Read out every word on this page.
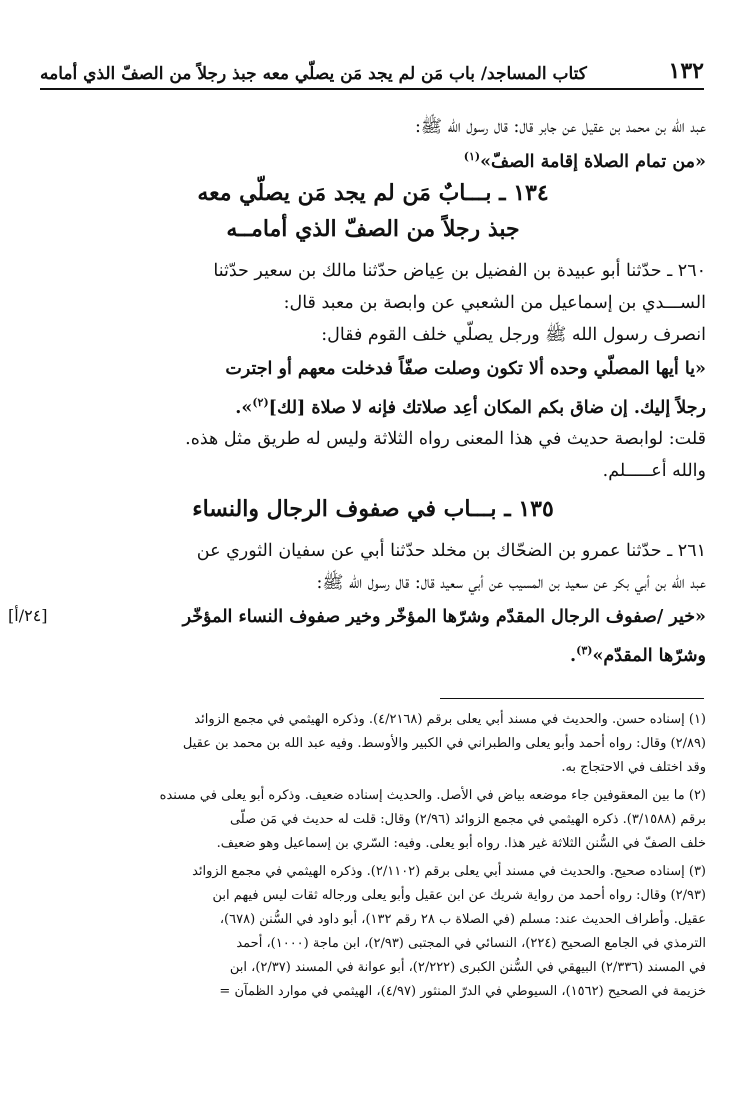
١٣٢
كتاب المساجد/ باب مَن لم يجد مَن يصلّي معه جبذ رجلاً من الصفّ الذي أمامه
عبد الله بن محمد بن عقيل عن جابر قال: قال رسول الله ﷺ:
«من تمام الصلاة إقامة الصفّ»$^{(١)}$
١٣٤ ـ بـــابٌ مَن لم يجد مَن يصلّي معه
جبذ رجلاً من الصفّ الذي أمامــه
٢٦٠ ـ حدّثنا أبو عبيدة بن الفضيل بن عِياض حدّثنا مالك بن سعير حدّثنا
الســـدي بن إسماعيل من الشعبي عن وابصة بن معبد قال:
انصرف رسول الله ﷺ ورجل يصلّي خلف القوم فقال:
«يا أيها المصلّي وحده ألا تكون وصلت صفّاً فدخلت معهم أو اجترت
رجلاً إليك. إن ضاق بكم المكان أعِد صلاتك فإنه لا صلاة [لك]$^{(٢)}$».
قلت: لوابصة حديث في هذا المعنى رواه الثلاثة وليس له طريق مثل هذه.
والله أعـــــلم.
١٣٥ ـ بـــاب في صفوف الرجال والنساء
٢٦١ ـ حدّثنا عمرو بن الضحّاك بن مخلد حدّثنا أبي عن سفيان الثوري عن
عبد الله بن أبي بكر عن سعيد بن المسيب عن أبي سعيد قال: قال رسول الله ﷺ:
«خير /صفوف الرجال المقدّم وشرّها المؤخّر وخير صفوف النساء المؤخّر
وشرّها المقدّم»$^{(٣)}$.
[٢٤/أ]
(١) إسناده حسن. والحديث في مسند أبي يعلى برقم (٤/٢١٦٨). وذكره الهيثمي في مجمع الزوائد
(٢/٨٩) وقال: رواه أحمد وأبو يعلى والطبراني في الكبير والأوسط. وفيه عبد الله بن محمد بن عقيل
وقد اختلف في الاحتجاج به.
(٢) ما بين المعقوفين جاء موضعه بياض في الأصل. والحديث إسناده ضعيف. وذكره أبو يعلى في مسنده
برقم (٣/١٥٨٨). ذكره الهيثمي في مجمع الزوائد (٢/٩٦) وقال: قلت له حديث في مَن صلّى
خلف الصفّ في السُّنن الثلاثة غير هذا. رواه أبو يعلى. وفيه: السّري بن إسماعيل وهو ضعيف.
(٣) إسناده صحيح. والحديث في مسند أبي يعلى برقم (٢/١١٠٢). وذكره الهيثمي في مجمع الزوائد
(٢/٩٣) وقال: رواه أحمد من رواية شريك عن ابن عقيل وأبو يعلى ورجاله ثقات ليس فيهم ابن
عقيل. وأطراف الحديث عند: مسلم (في الصلاة ب ٢٨ رقم ١٣٢)، أبو داود في السُّنن (٦٧٨)،
الترمذي في الجامع الصحيح (٢٢٤)، النسائي في المجتبى (٢/٩٣)، ابن ماجة (١٠٠٠)، أحمد
في المسند (٢/٣٣٦) البيهقي في السُّنن الكبرى (٢/٢٢٢)، أبو عوانة في المسند (٢/٣٧)، ابن
خزيمة في الصحيح (١٥٦٢)، السيوطي في الدرّ المنثور (٤/٩٧)، الهيثمي في موارد الظمآن =
